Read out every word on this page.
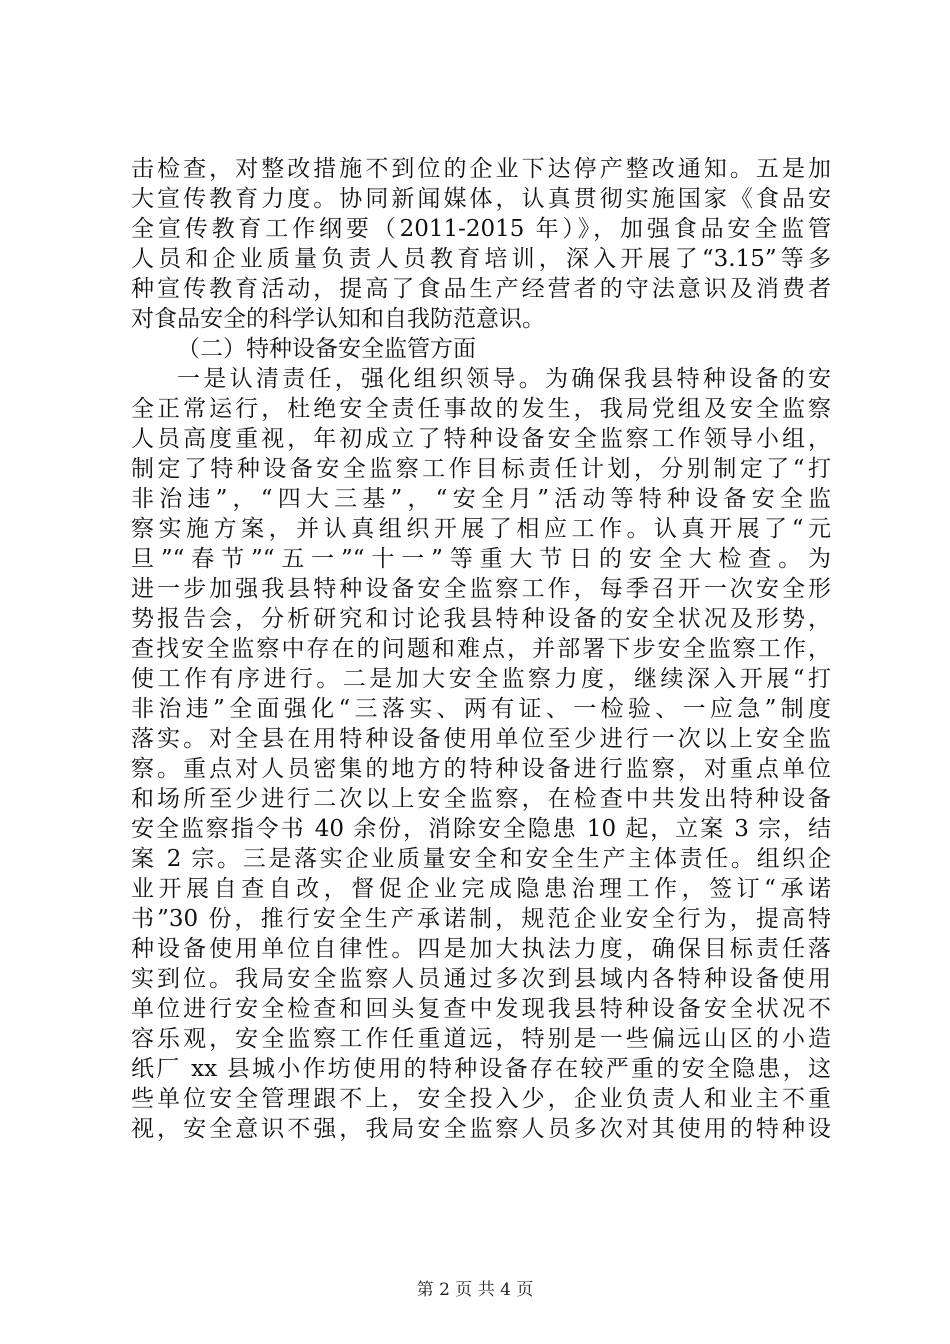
击检查，对整改措施不到位的企业下达停产整改通知。五是加
大宣传教育力度。协同新闻媒体，认真贯彻实施国家《食品安
全宣传教育工作纲要（2011-2015 年）》，加强食品安全监管
人员和企业质量负责人员教育培训，深入开展了“3.15”等多
种宣传教育活动，提高了食品生产经营者的守法意识及消费者
对食品安全的科学认知和自我防范意识。
（二）特种设备安全监管方面
一是认清责任，强化组织领导。为确保我县特种设备的安
全正常运行，杜绝安全责任事故的发生，我局党组及安全监察
人员高度重视，年初成立了特种设备安全监察工作领导小组，
制定了特种设备安全监察工作目标责任计划，分别制定了“打
非治违”，“四大三基”，“安全月”活动等特种设备安全监
察实施方案，并认真组织开展了相应工作。认真开展了“元
旦”“春节”“五一”“十一”等重大节日的安全大检查。为
进一步加强我县特种设备安全监察工作，每季召开一次安全形
势报告会，分析研究和讨论我县特种设备的安全状况及形势，
查找安全监察中存在的问题和难点，并部署下步安全监察工作，
使工作有序进行。二是加大安全监察力度，继续深入开展“打
非治违”全面强化“三落实、两有证、一检验、一应急”制度
落实。对全县在用特种设备使用单位至少进行一次以上安全监
察。重点对人员密集的地方的特种设备进行监察，对重点单位
和场所至少进行二次以上安全监察，在检查中共发出特种设备
安全监察指令书 40 余份，消除安全隐患 10 起，立案 3 宗，结
案 2 宗。三是落实企业质量安全和安全生产主体责任。组织企
业开展自查自改，督促企业完成隐患治理工作，签订“承诺
书”30 份，推行安全生产承诺制，规范企业安全行为，提高特
种设备使用单位自律性。四是加大执法力度，确保目标责任落
实到位。我局安全监察人员通过多次到县域内各特种设备使用
单位进行安全检查和回头复查中发现我县特种设备安全状况不
容乐观，安全监察工作任重道远，特别是一些偏远山区的小造
纸厂 xx 县城小作坊使用的特种设备存在较严重的安全隐患，这
些单位安全管理跟不上，安全投入少，企业负责人和业主不重
视，安全意识不强，我局安全监察人员多次对其使用的特种设
第 2 页 共 4 页
